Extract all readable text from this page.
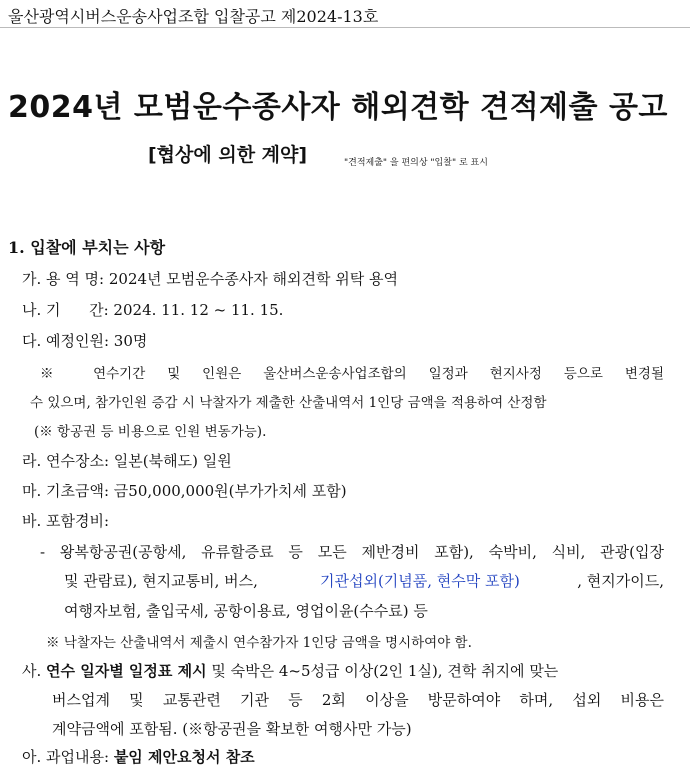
울산광역시버스운송사업조합 입찰공고 제2024-13호
2024년 모범운수종사자 해외견학 견적제출 공고
[협상에 의한 계약]	"견적제출" 을 편의상 "입찰" 로 표시
1. 입찰에 부치는 사항
가. 용 역 명: 2024년 모범운수종사자 해외견학 위탁 용역
나. 기      간: 2024. 11. 12 ~ 11. 15.
다. 예정인원: 30명
※ 연수기간 및 인원은 울산버스운송사업조합의 일정과 현지사정 등으로 변경될
수 있으며, 참가인원 증감 시 낙찰자가 제출한 산출내역서 1인당 금액을 적용하여 산정함
(※ 항공권 등 비용으로 인원 변동가능).
라. 연수장소: 일본(북해도) 일원
마. 기초금액: 금50,000,000원(부가가치세 포함)
바. 포함경비:
- 왕복항공권(공항세, 유류할증료 등 모든 제반경비 포함), 숙박비, 식비, 관광(입장
및 관람료), 현지교통비, 버스,	기관섭외(기념품, 현수막 포함)	, 현지가이드,
여행자보험, 출입국세, 공항이용료, 영업이윤(수수료) 등
※ 낙찰자는 산출내역서 제출시 연수참가자 1인당 금액을 명시하여야 함.
사. 연수 일자별 일정표 제시 및 숙박은 4~5성급 이상(2인 1실), 견학 취지에 맞는
버스업계 및 교통관련 기관 등 2회 이상을 방문하여야 하며, 섭외 비용은
계약금액에 포함됨. (※항공권을 확보한 여행사만 가능)
아. 과업내용: 붙임 제안요청서 참조
